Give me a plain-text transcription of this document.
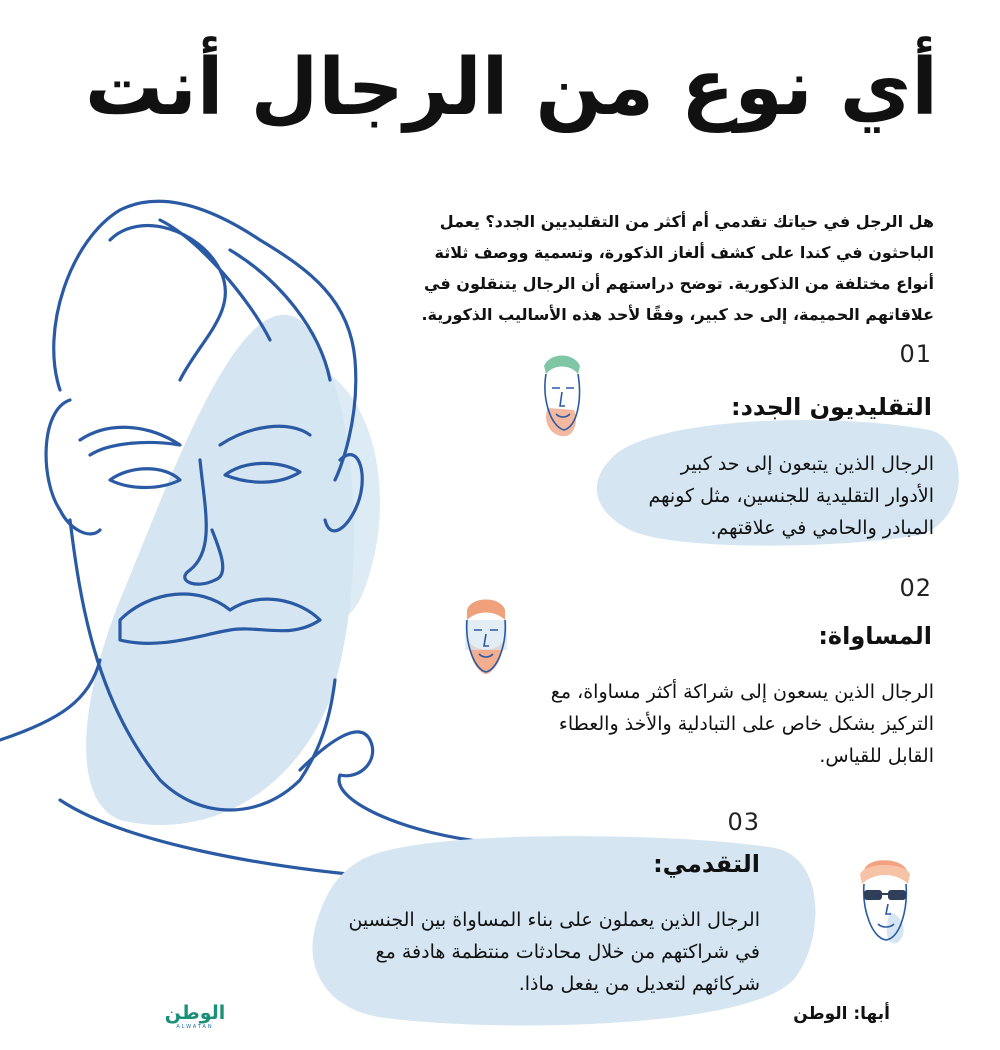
أي نوع من الرجال أنت
هل الرجل في حياتك تقدمي أم أكثر من التقليديين الجدد؟ يعمل الباحثون في كندا على كشف ألغاز الذكورة، وتسمية ووصف ثلاثة أنواع مختلفة من الذكورية. توضح دراستهم أن الرجال يتنقلون في علاقاتهم الحميمة، إلى حد كبير، وفقًا لأحد هذه الأساليب الذكورية.
01
التقليديون الجدد:
الرجال الذين يتبعون إلى حد كبير الأدوار التقليدية للجنسين، مثل كونهم المبادر والحامي في علاقتهم.
02
المساواة:
الرجال الذين يسعون إلى شراكة أكثر مساواة، مع التركيز بشكل خاص على التبادلية والأخذ والعطاء القابل للقياس.
03
التقدمي:
الرجال الذين يعملون على بناء المساواة بين الجنسين في شراكتهم من خلال محادثات منتظمة هادفة مع شركائهم لتعديل من يفعل ماذا.
الوطن
ALWATAN
أبها: الوطن
